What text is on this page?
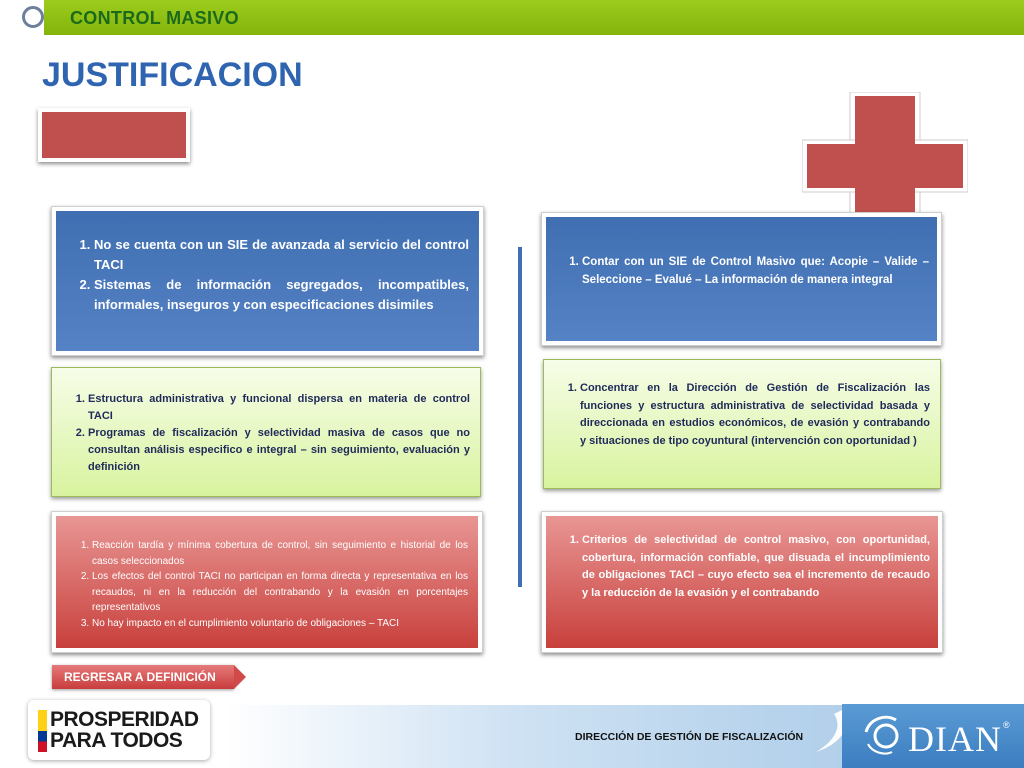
CONTROL MASIVO
JUSTIFICACION
1. No se cuenta con un SIE de avanzada al servicio del control TACI
2. Sistemas de información segregados, incompatibles, informales, inseguros y con especificaciones disimiles
1. Estructura administrativa y funcional dispersa en materia de control TACI
2. Programas de fiscalización y selectividad masiva de casos que no consultan análisis especifico e integral – sin seguimiento, evaluación y definición
1. Reacción tardía y mínima cobertura de control, sin seguimiento e historial de los casos seleccionados
2. Los efectos del control TACI no participan en forma directa y representativa en los recaudos, ni en la reducción del contrabando y la evasión en porcentajes representativos
3. No hay impacto en el cumplimiento voluntario de obligaciones – TACI
1. Contar con un SIE de Control Masivo que: Acopie – Valide – Seleccione – Evalué – La información de manera integral
1. Concentrar en la Dirección de Gestión de Fiscalización las funciones y estructura administrativa de selectividad basada y direccionada en estudios económicos, de evasión y contrabando y situaciones de tipo coyuntural (intervención con oportunidad )
1. Criterios de selectividad de control masivo, con oportunidad, cobertura, información confiable, que disuada el incumplimiento de obligaciones TACI – cuyo efecto sea el incremento de recaudo y la reducción de la evasión y el contrabando
REGRESAR A DEFINICIÓN
DIRECCIÓN DE GESTIÓN DE FISCALIZACIÓN
PROSPERIDAD
PARA TODOS	DIAN ®
